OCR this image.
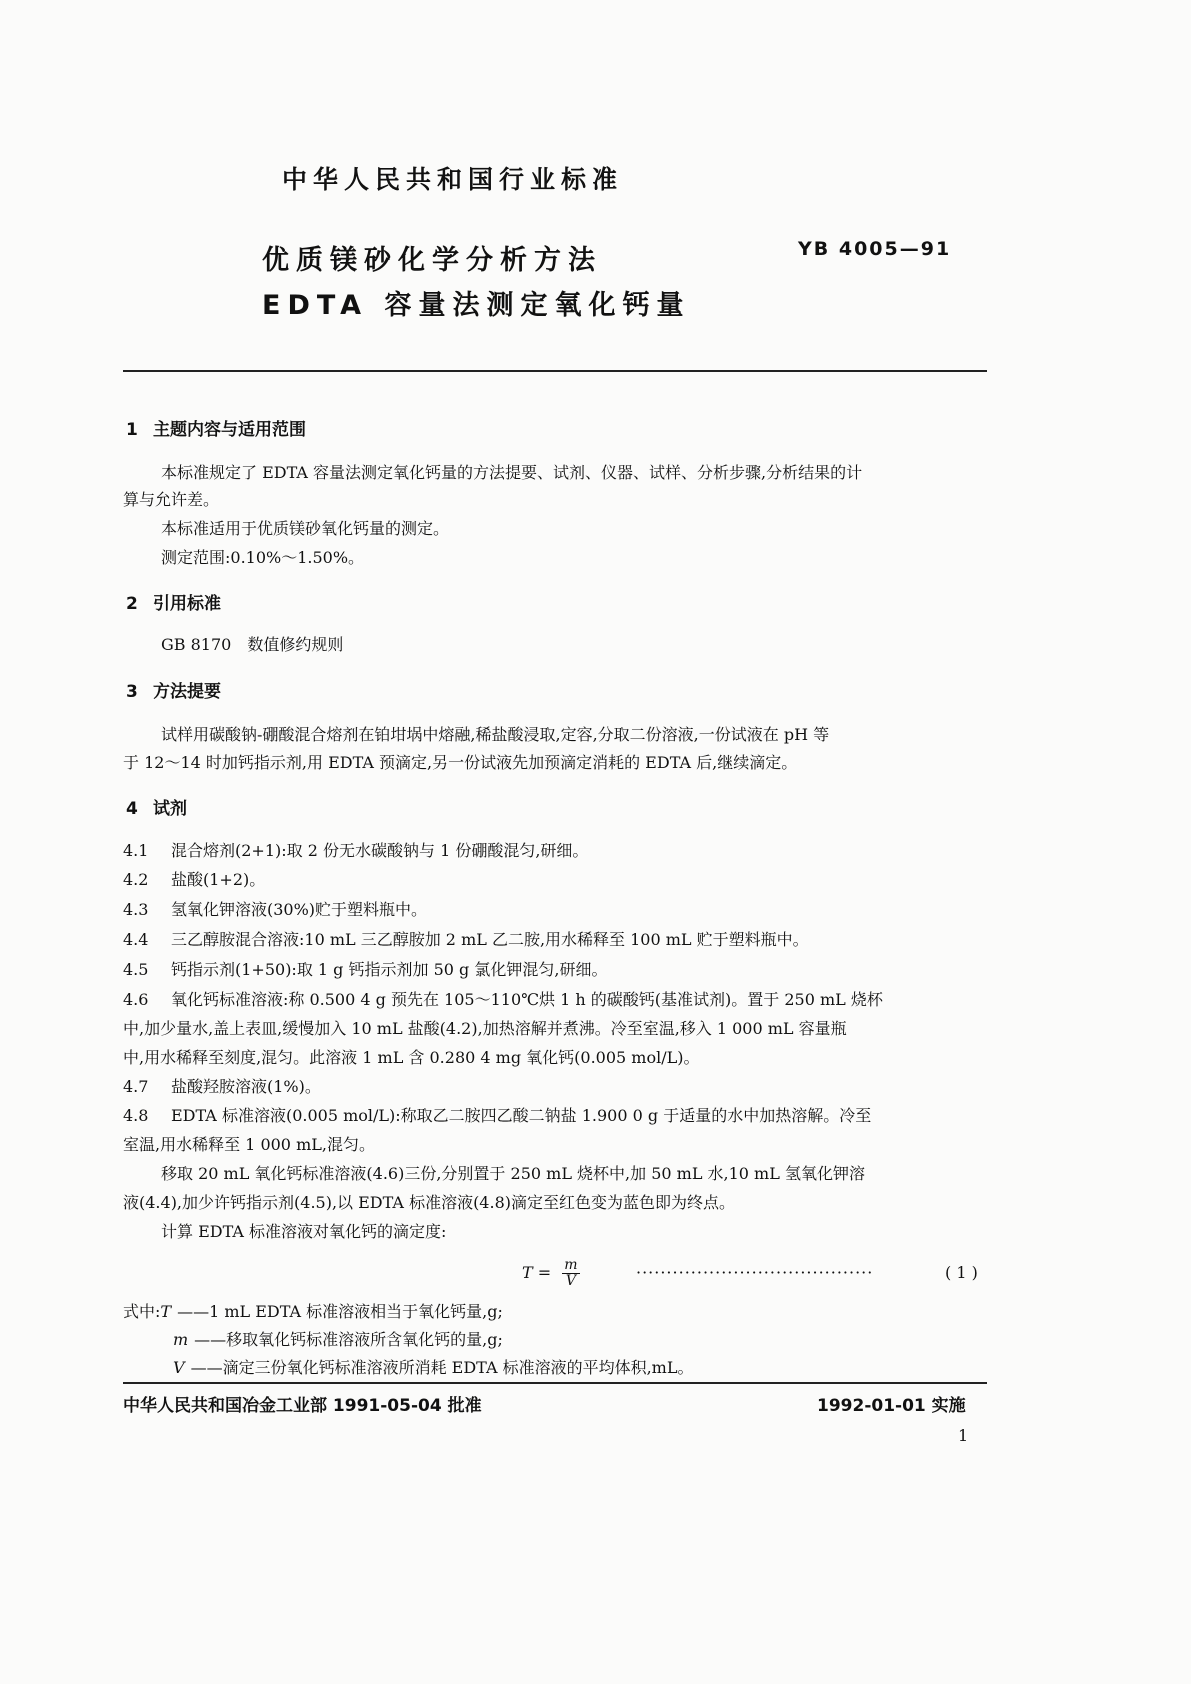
中华人民共和国行业标准
优质镁砂化学分析方法
EDTA 容量法测定氧化钙量
YB 4005—91
1 主题内容与适用范围
本标准规定了 EDTA 容量法测定氧化钙量的方法提要、试剂、仪器、试样、分析步骤,分析结果的计
算与允许差。
本标准适用于优质镁砂氧化钙量的测定。
测定范围:0.10%～1.50%。
2 引用标准
GB 8170 数值修约规则
3 方法提要
试样用碳酸钠-硼酸混合熔剂在铂坩埚中熔融,稀盐酸浸取,定容,分取二份溶液,一份试液在 pH 等
于 12～14 时加钙指示剂,用 EDTA 预滴定,另一份试液先加预滴定消耗的 EDTA 后,继续滴定。
4 试剂
4.1 混合熔剂(2+1):取 2 份无水碳酸钠与 1 份硼酸混匀,研细。
4.2 盐酸(1+2)。
4.3 氢氧化钾溶液(30%)贮于塑料瓶中。
4.4 三乙醇胺混合溶液:10 mL 三乙醇胺加 2 mL 乙二胺,用水稀释至 100 mL 贮于塑料瓶中。
4.5 钙指示剂(1+50):取 1 g 钙指示剂加 50 g 氯化钾混匀,研细。
4.6 氧化钙标准溶液:称 0.500 4 g 预先在 105～110℃烘 1 h 的碳酸钙(基准试剂)。置于 250 mL 烧杯
中,加少量水,盖上表皿,缓慢加入 10 mL 盐酸(4.2),加热溶解并煮沸。冷至室温,移入 1 000 mL 容量瓶
中,用水稀释至刻度,混匀。此溶液 1 mL 含 0.280 4 mg 氧化钙(0.005 mol/L)。
4.7 盐酸羟胺溶液(1%)。
4.8 EDTA 标准溶液(0.005 mol/L):称取乙二胺四乙酸二钠盐 1.900 0 g 于适量的水中加热溶解。冷至
室温,用水稀释至 1 000 mL,混匀。
移取 20 mL 氧化钙标准溶液(4.6)三份,分别置于 250 mL 烧杯中,加 50 mL 水,10 mL 氢氧化钾溶
液(4.4),加少许钙指示剂(4.5),以 EDTA 标准溶液(4.8)滴定至红色变为蓝色即为终点。
计算 EDTA 标准溶液对氧化钙的滴定度:
$T = \frac{m}{V}$	·······································	( 1 )
式中:T ——1 mL EDTA 标准溶液相当于氧化钙量,g;
m ——移取氧化钙标准溶液所含氧化钙的量,g;
V ——滴定三份氧化钙标准溶液所消耗 EDTA 标准溶液的平均体积,mL。
中华人民共和国冶金工业部 1991-05-04 批准	1992-01-01 实施
1
